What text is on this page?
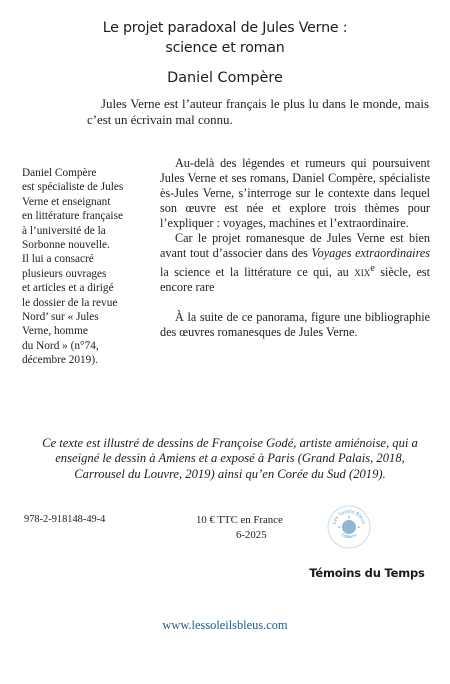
Le projet paradoxal de Jules Verne :
science et roman
Daniel Compère
Jules Verne est l’auteur français le plus lu dans le monde, mais c’est un écrivain mal connu.

Daniel Compère

est spécialiste de Jules

Verne et enseignant

en littérature française

à l’université de la

Sorbonne nouvelle.

Il lui a consacré

plusieurs ouvrages

et articles et a dirigé

le dossier de la revue

Nord’ sur « Jules

Verne, homme

du Nord » (n°74,

décembre 2019).

Au-delà des légendes et rumeurs qui poursuivent Jules Verne et ses romans, Daniel Compère, spécialiste ès-Jules Verne, s’interroge sur le contexte dans lequel son œuvre est née et explore trois thèmes pour l’expliquer : voyages, machines et l’extraordinaire.

Car le projet romanesque de Jules Verne est bien avant tout d’associer dans des Voyages extraordinaires la science et la littérature ce qui, au xix$^e$ siècle, est encore rare

À la suite de ce panorama, figure une bibliographie des œuvres romanesques de Jules Verne.

Ce texte est illustré de dessins de Françoise Godé, artiste amiénoise, qui a enseigné le dessin à Amiens et a exposé à Paris (Grand Palais, 2018, Carrousel du Louvre, 2019) ainsi qu’en Corée du Sud (2019).
978-2-918148-49-4	10 € TTC en France
6-2025
Les Soleils Bleus
Éditions
Témoins du Temps
www.lessoleilsbleus.com
